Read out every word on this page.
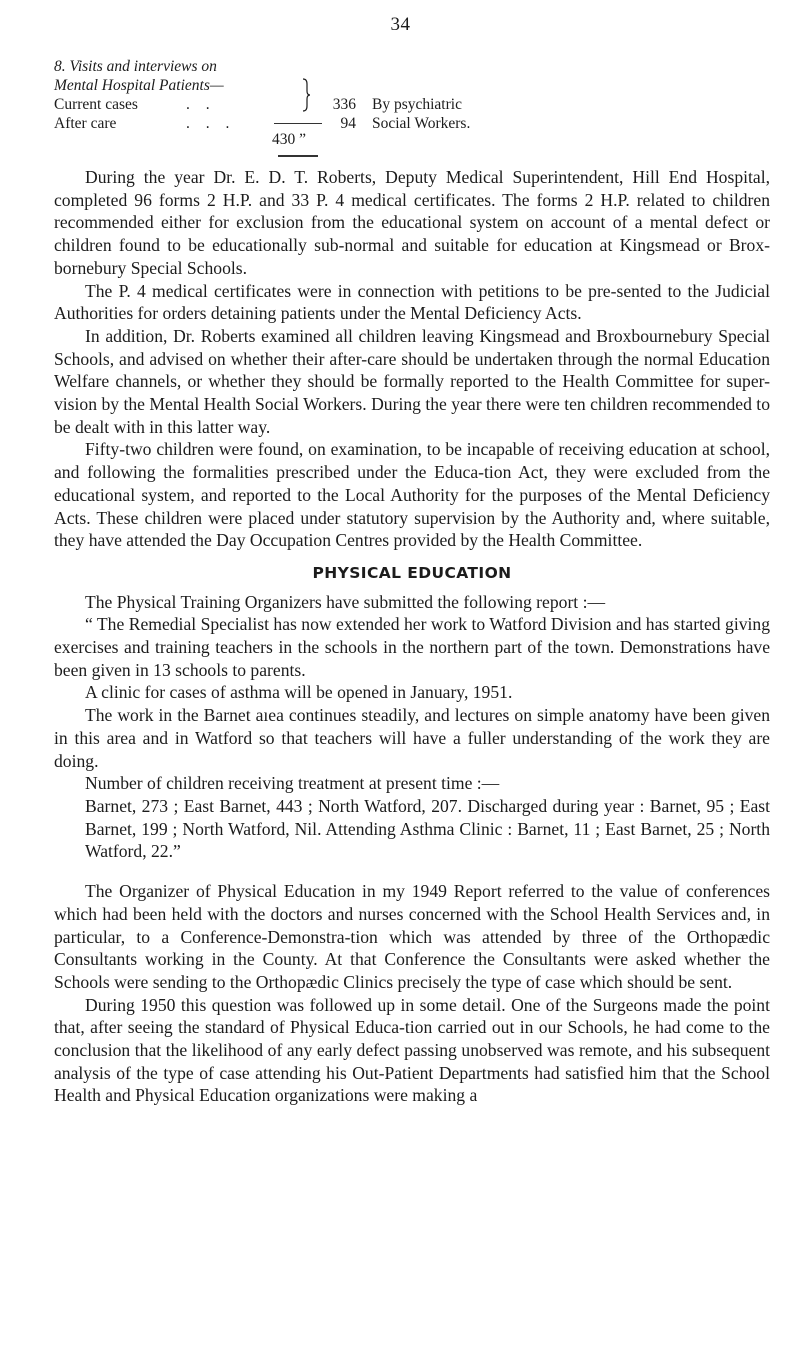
34
8. Visits and interviews on
Mental Hospital Patients—
Current cases	. .	336 By psychiatric
After care	. . .	94 Social Workers.
430 ”

During the year Dr. E. D. T. Roberts, Deputy Medical Superintendent, Hill End Hospital, completed 96 forms 2 H.P. and 33 P. 4 medical certificates. The forms 2 H.P. related to children recommended either for exclusion from the educational system on account of a mental defect or children found to be educationally sub-normal and suitable for education at Kingsmead or Brox-bornebury Special Schools.

The P. 4 medical certificates were in connection with petitions to be pre-sented to the Judicial Authorities for orders detaining patients under the Mental Deficiency Acts.

In addition, Dr. Roberts examined all children leaving Kingsmead and Broxbournebury Special Schools, and advised on whether their after-care should be undertaken through the normal Education Welfare channels, or whether they should be formally reported to the Health Committee for super-vision by the Mental Health Social Workers. During the year there were ten children recommended to be dealt with in this latter way.

Fifty-two children were found, on examination, to be incapable of receiving education at school, and following the formalities prescribed under the Educa-tion Act, they were excluded from the educational system, and reported to the Local Authority for the purposes of the Mental Deficiency Acts. These children were placed under statutory supervision by the Authority and, where suitable, they have attended the Day Occupation Centres provided by the Health Committee.

PHYSICAL EDUCATION

The Physical Training Organizers have submitted the following report :—

“ The Remedial Specialist has now extended her work to Watford Division and has started giving exercises and training teachers in the schools in the northern part of the town. Demonstrations have been given in 13 schools to parents.

A clinic for cases of asthma will be opened in January, 1951.

The work in the Barnet aıea continues steadily, and lectures on simple anatomy have been given in this area and in Watford so that teachers will have a fuller understanding of the work they are doing.

Number of children receiving treatment at present time :—

Barnet, 273 ; East Barnet, 443 ; North Watford, 207. Discharged during year : Barnet, 95 ; East Barnet, 199 ; North Watford, Nil. Attending Asthma Clinic : Barnet, 11 ; East Barnet, 25 ; North Watford, 22.”

The Organizer of Physical Education in my 1949 Report referred to the value of conferences which had been held with the doctors and nurses concerned with the School Health Services and, in particular, to a Conference-Demonstra-tion which was attended by three of the Orthopædic Consultants working in the County. At that Conference the Consultants were asked whether the Schools were sending to the Orthopædic Clinics precisely the type of case which should be sent.

During 1950 this question was followed up in some detail. One of the Surgeons made the point that, after seeing the standard of Physical Educa-tion carried out in our Schools, he had come to the conclusion that the likelihood of any early defect passing unobserved was remote, and his subsequent analysis of the type of case attending his Out-Patient Departments had satisfied him that the School Health and Physical Education organizations were making a
